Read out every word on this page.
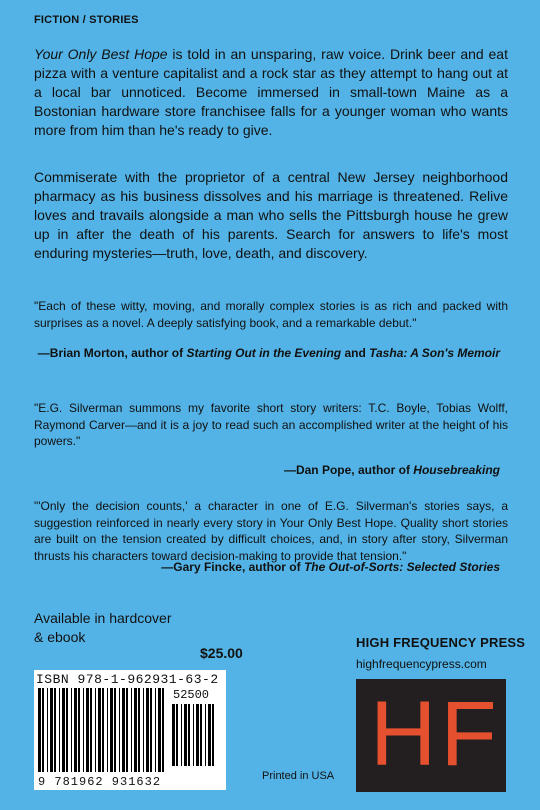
FICTION / STORIES
Your Only Best Hope is told in an unsparing, raw voice. Drink beer and eat pizza with a venture capitalist and a rock star as they attempt to hang out at a local bar unnoticed. Become immersed in small-town Maine as a Bostonian hardware store franchisee falls for a younger woman who wants more from him than he's ready to give.
Commiserate with the proprietor of a central New Jersey neighborhood pharmacy as his business dissolves and his marriage is threatened. Relive loves and travails alongside a man who sells the Pittsburgh house he grew up in after the death of his parents. Search for answers to life's most enduring mysteries—truth, love, death, and discovery.
"Each of these witty, moving, and morally complex stories is as rich and packed with surprises as a novel. A deeply satisfying book, and a remarkable debut."
—Brian Morton, author of Starting Out in the Evening and Tasha: A Son's Memoir
"E.G. Silverman summons my favorite short story writers: T.C. Boyle, Tobias Wolff, Raymond Carver—and it is a joy to read such an accomplished writer at the height of his powers."
—Dan Pope, author of Housebreaking
"'Only the decision counts,' a character in one of E.G. Silverman's stories says, a suggestion reinforced in nearly every story in Your Only Best Hope. Quality short stories are built on the tension created by difficult choices, and, in story after story, Silverman thrusts his characters toward decision-making to provide that tension."
—Gary Fincke, author of The Out-of-Sorts: Selected Stories
Available in hardcover & ebook
$25.00
HIGH FREQUENCY PRESS
highfrequencypress.com
ISBN 978-1-962931-63-2
52500
9 781962 931632	Printed in USA HF
